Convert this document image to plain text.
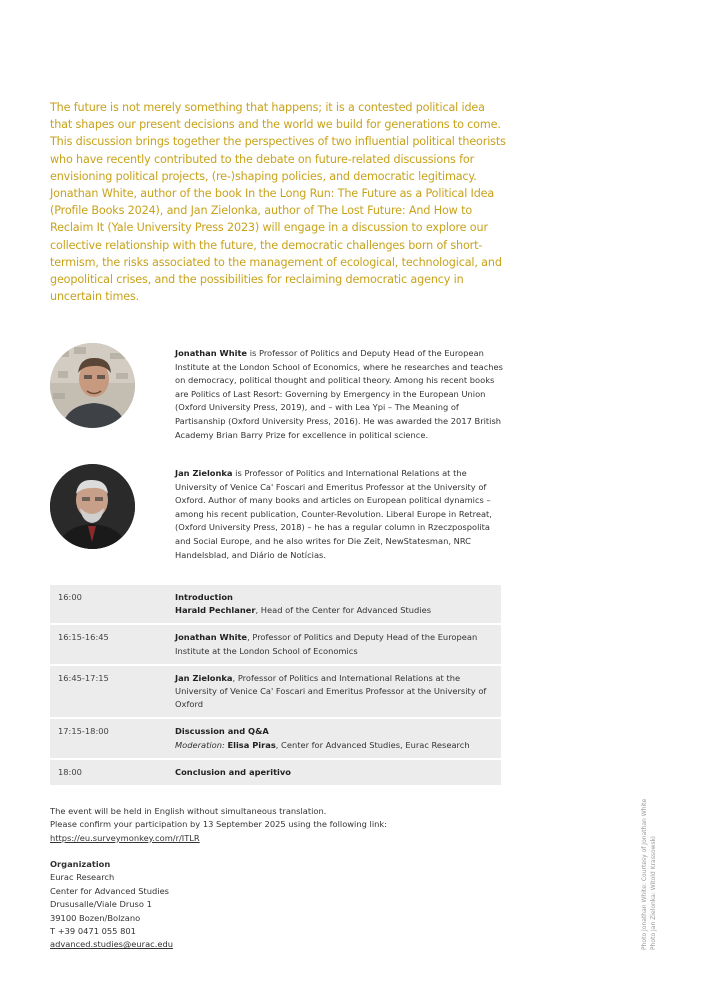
The future is not merely something that happens; it is a contested political idea that shapes our present decisions and the world we build for generations to come. This discussion brings together the perspectives of two influential political theorists who have recently contributed to the debate on future-related discussions for envisioning political projects, (re-)shaping policies, and democratic legitimacy.

Jonathan White, author of the book In the Long Run: The Future as a Political Idea (Profile Books 2024), and Jan Zielonka, author of The Lost Future: And How to Reclaim It (Yale University Press 2023) will engage in a discussion to explore our collective relationship with the future, the democratic challenges born of short-termism, the risks associated to the management of ecological, technological, and geopolitical crises, and the possibilities for reclaiming democratic agency in uncertain times.

Jonathan White is Professor of Politics and Deputy Head of the European Institute at the London School of Economics, where he researches and teaches on democracy, political thought and political theory. Among his recent books are Politics of Last Resort: Governing by Emergency in the European Union (Oxford University Press, 2019), and – with Lea Ypi – The Meaning of Partisanship (Oxford University Press, 2016). He was awarded the 2017 British Academy Brian Barry Prize for excellence in political science.
Jan Zielonka is Professor of Politics and International Relations at the University of Venice Ca' Foscari and Emeritus Professor at the University of Oxford. Author of many books and articles on European political dynamics – among his recent publication, Counter-Revolution. Liberal Europe in Retreat, (Oxford University Press, 2018) – he has a regular column in Rzeczpospolita and Social Europe, and he also writes for Die Zeit, NewStatesman, NRC Handelsblad, and Diário de Notícias.
16:00	Introduction
Harald Pechlaner, Head of the Center for Advanced Studies
16:15-16:45	Jonathan White, Professor of Politics and Deputy Head of the European Institute at the London School of Economics
16:45-17:15	Jan Zielonka, Professor of Politics and International Relations at the University of Venice Ca' Foscari and Emeritus Professor at the University of Oxford
17:15-18:00	Discussion and Q&A
Moderation: Elisa Piras, Center for Advanced Studies, Eurac Research
18:00	Conclusion and aperitivo
The event will be held in English without simultaneous translation.
Please confirm your participation by 13 September 2025 using the following link:
https://eu.surveymonkey.com/r/ITLR
Organization
Eurac Research
Center for Advanced Studies
Drususalle/Viale Druso 1
39100 Bozen/Bolzano
T +39 0471 055 801
advanced.studies@eurac.edu	Photo Jonathan White: Courtesy of Jonathan White Photo Jan Zielonka: Witold Krassowski
